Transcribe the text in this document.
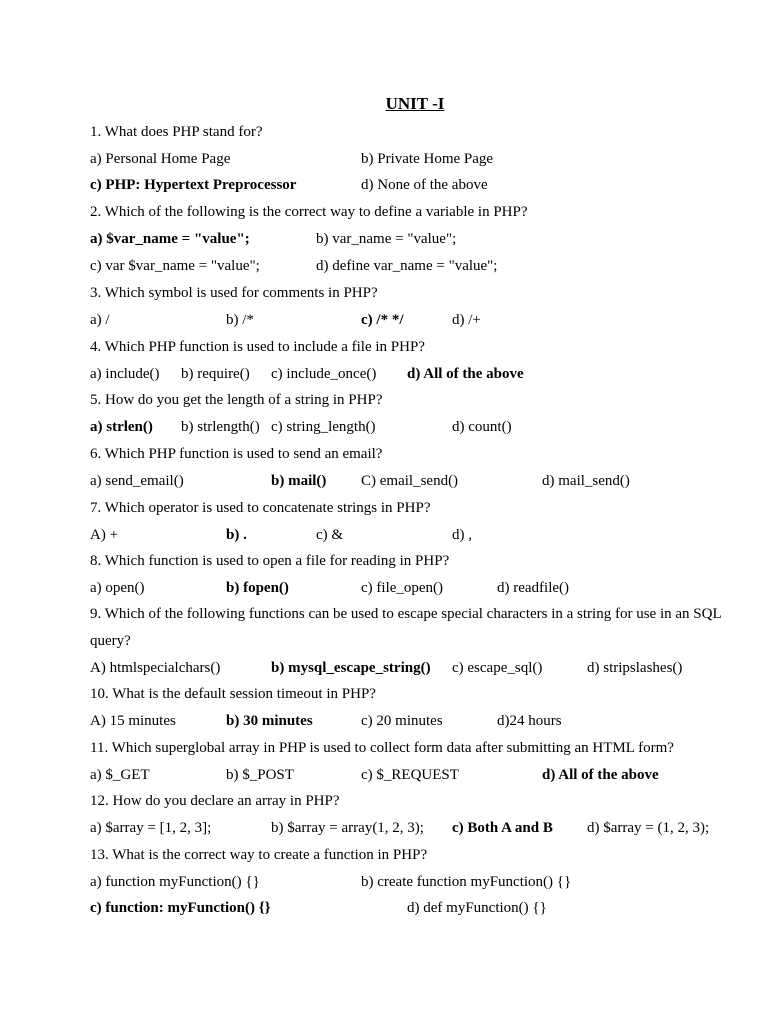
UNIT -I
1. What does PHP stand for?
a) Personal Home Page	b) Private Home Page
c) PHP: Hypertext Preprocessor	d) None of the above
2. Which of the following is the correct way to define a variable in PHP?
a) $var_name = "value";	b) var_name = "value";
c) var $var_name = "value";	d) define var_name = "value";
3. Which symbol is used for comments in PHP?
a) /	b) /*	c) /* */	d) /+
4. Which PHP function is used to include a file in PHP?
a) include() b) require() c) include_once() d) All of the above
5. How do you get the length of a string in PHP?
a) strlen() b) strlength() c) string_length()	d) count()
6. Which PHP function is used to send an email?
a) send_email()	b) mail() C) email_send()	d) mail_send()
7. Which operator is used to concatenate strings in PHP?
A) +	b) .	c) &	d) ,
8. Which function is used to open a file for reading in PHP?
a) open()	b) fopen()	c) file_open()	d) readfile()
9. Which of the following functions can be used to escape special characters in a string for use in an SQL query?
A) htmlspecialchars()	b) mysql_escape_string() c) escape_sql()	d) stripslashes()
10. What is the default session timeout in PHP?
A) 15 minutes	b) 30 minutes	c) 20 minutes	d)24 hours
11. Which superglobal array in PHP is used to collect form data after submitting an HTML form?
a) $_GET	b) $_POST	c) $_REQUEST	d) All of the above
12. How do you declare an array in PHP?
a) $array = [1, 2, 3];	b) $array = array(1, 2, 3); c) Both A and B d) $array = (1, 2, 3);
13. What is the correct way to create a function in PHP?
a) function myFunction() {}	b) create function myFunction() {}
c) function: myFunction() {}	d) def myFunction() {}
